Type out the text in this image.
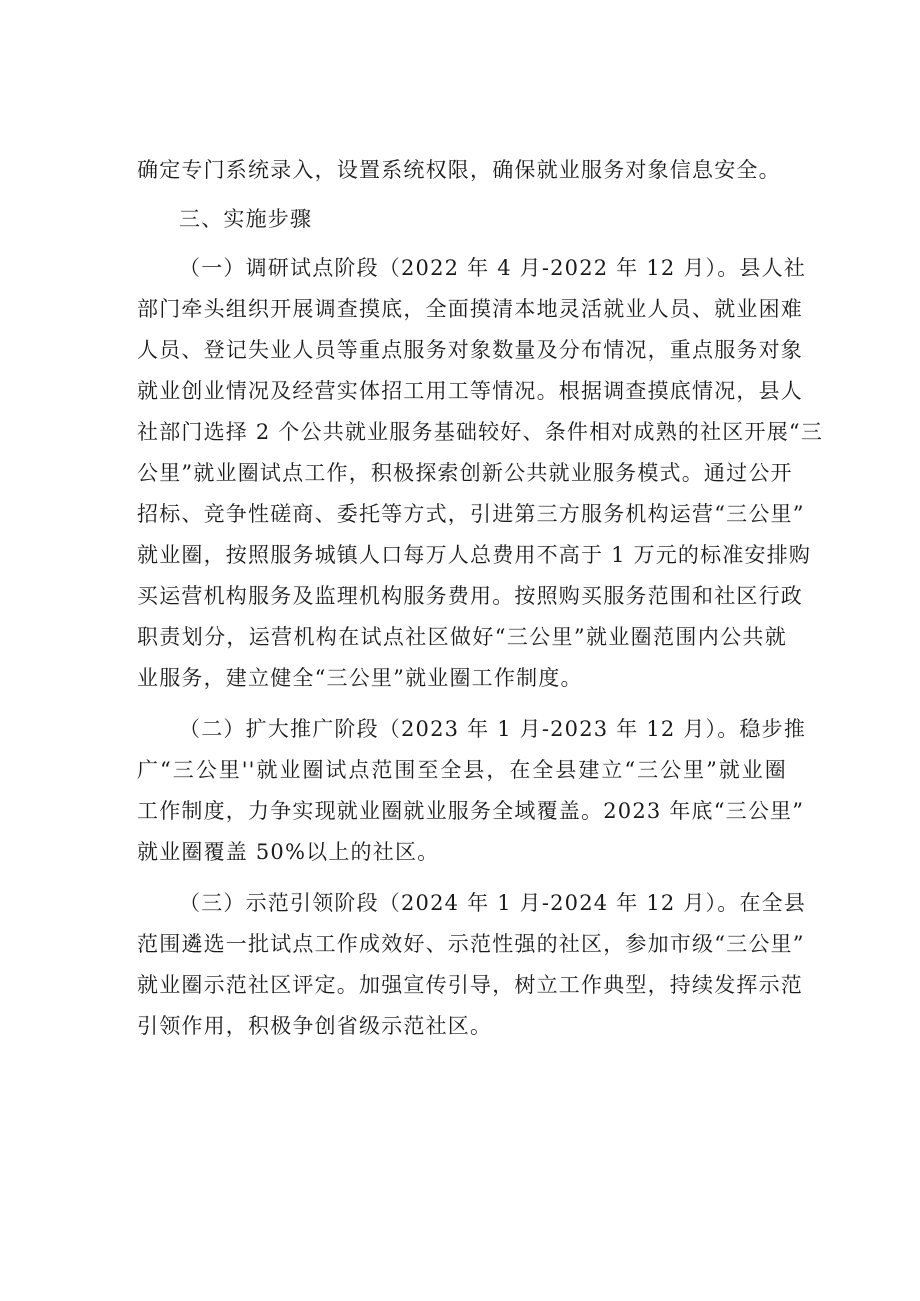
确定专门系统录入，设置系统权限，确保就业服务对象信息安全。
三、实施步骤
（一）调研试点阶段（2022 年 4 月-2022 年 12 月）。县人社
部门牵头组织开展调查摸底，全面摸清本地灵活就业人员、就业困难
人员、登记失业人员等重点服务对象数量及分布情况，重点服务对象
就业创业情况及经营实体招工用工等情况。根据调查摸底情况，县人
社部门选择 2 个公共就业服务基础较好、条件相对成熟的社区开展“三
公里”就业圈试点工作，积极探索创新公共就业服务模式。通过公开
招标、竞争性磋商、委托等方式，引进第三方服务机构运营“三公里”
就业圈，按照服务城镇人口每万人总费用不高于 1 万元的标准安排购
买运营机构服务及监理机构服务费用。按照购买服务范围和社区行政
职责划分，运营机构在试点社区做好“三公里”就业圈范围内公共就
业服务，建立健全“三公里”就业圈工作制度。
（二）扩大推广阶段（2023 年 1 月-2023 年 12 月）。稳步推
广“三公里''就业圈试点范围至全县，在全县建立“三公里”就业圈
工作制度，力争实现就业圈就业服务全域覆盖。2023 年底“三公里”
就业圈覆盖 50%以上的社区。
（三）示范引领阶段（2024 年 1 月-2024 年 12 月）。在全县
范围遴选一批试点工作成效好、示范性强的社区，参加市级“三公里”
就业圈示范社区评定。加强宣传引导，树立工作典型，持续发挥示范
引领作用，积极争创省级示范社区。
